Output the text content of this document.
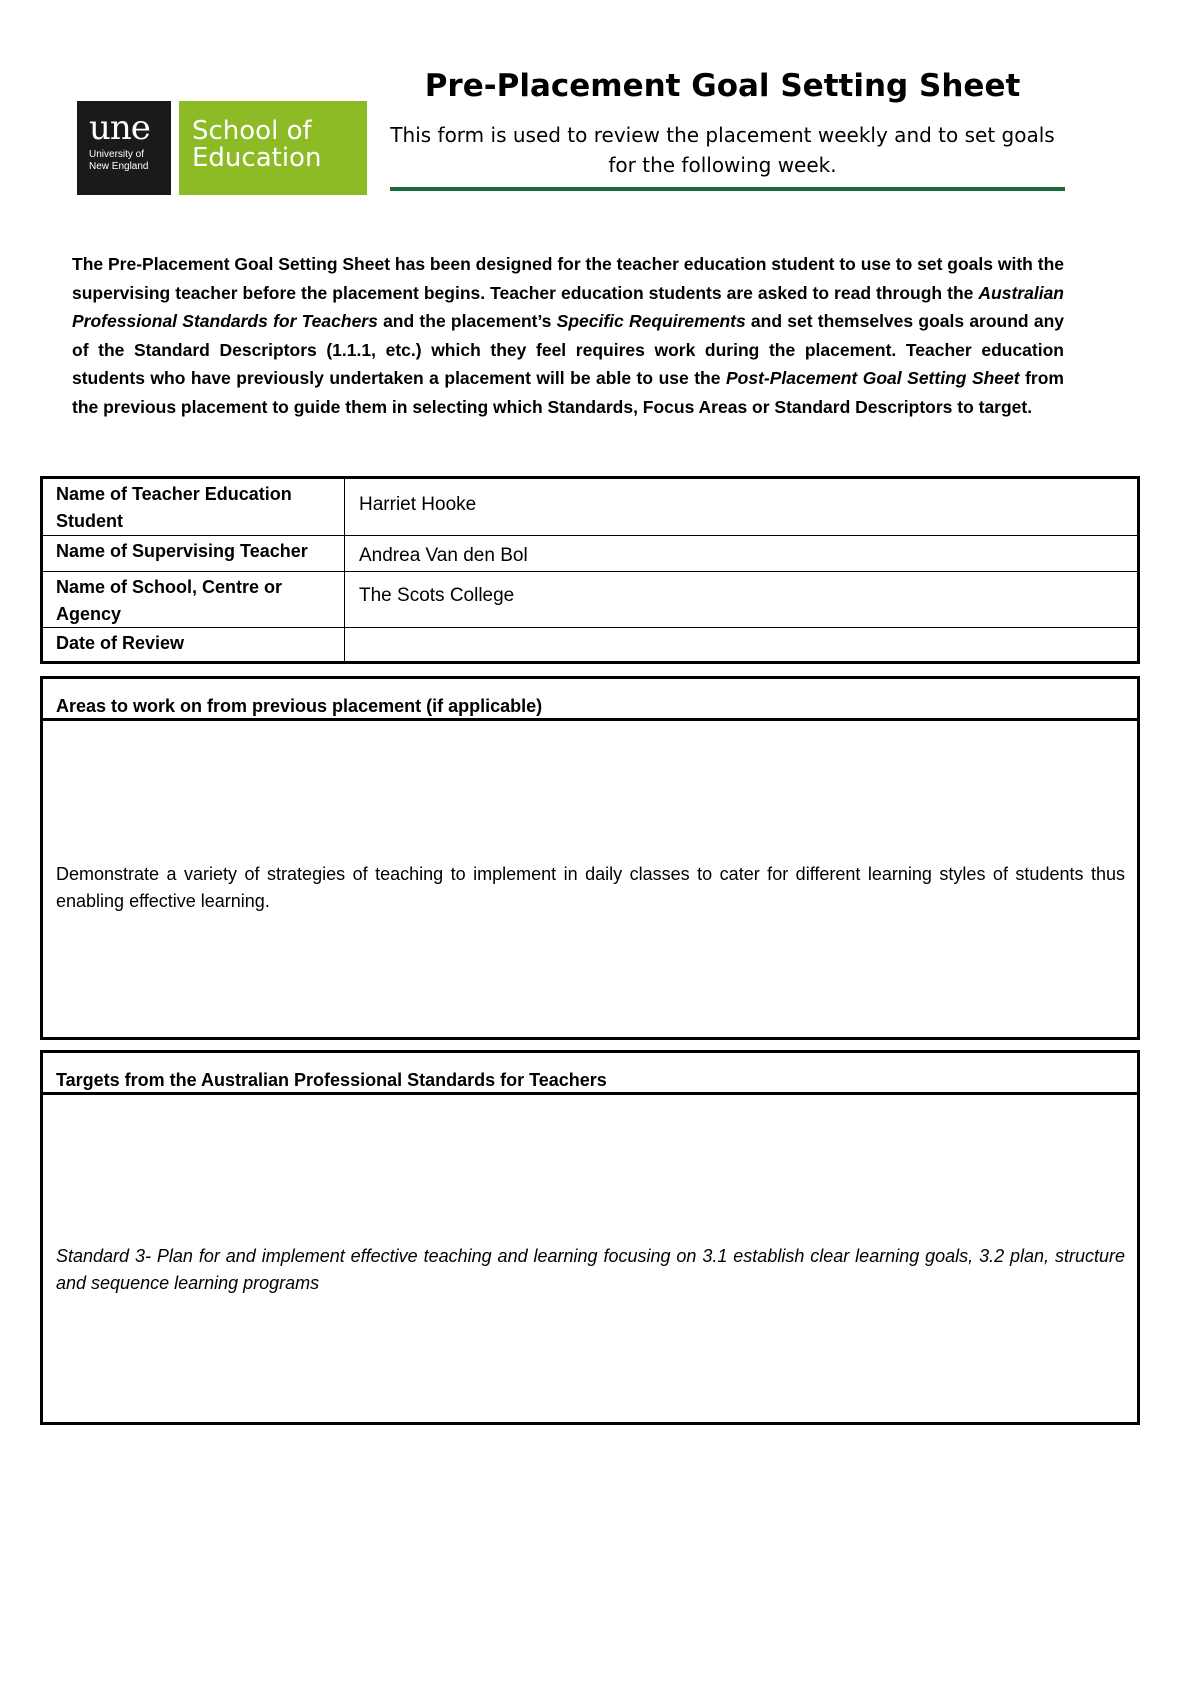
une
University of
New England
School of
Education
Pre-Placement Goal Setting Sheet
This form is used to review the placement weekly and to set goals for the following week.
The Pre-Placement Goal Setting Sheet has been designed for the teacher education student to use to set goals with the supervising teacher before the placement begins. Teacher education students are asked to read through the Australian Professional Standards for Teachers and the placement’s Specific Requirements and set themselves goals around any of the Standard Descriptors (1.1.1, etc.) which they feel requires work during the placement. Teacher education students who have previously undertaken a placement will be able to use the Post-Placement Goal Setting Sheet from the previous placement to guide them in selecting which Standards, Focus Areas or Standard Descriptors to target.
Name of Teacher Education Student
Harriet Hooke
Name of Supervising Teacher	Andrea Van den Bol
Name of School, Centre or Agency
The Scots College
Date of Review
Areas to work on from previous placement (if applicable)
Demonstrate a variety of strategies of teaching to implement in daily classes to cater for different learning styles of students thus enabling effective learning.
Targets from the Australian Professional Standards for Teachers
Standard 3- Plan for and implement effective teaching and learning focusing on 3.1 establish clear learning goals, 3.2 plan, structure and sequence learning programs
